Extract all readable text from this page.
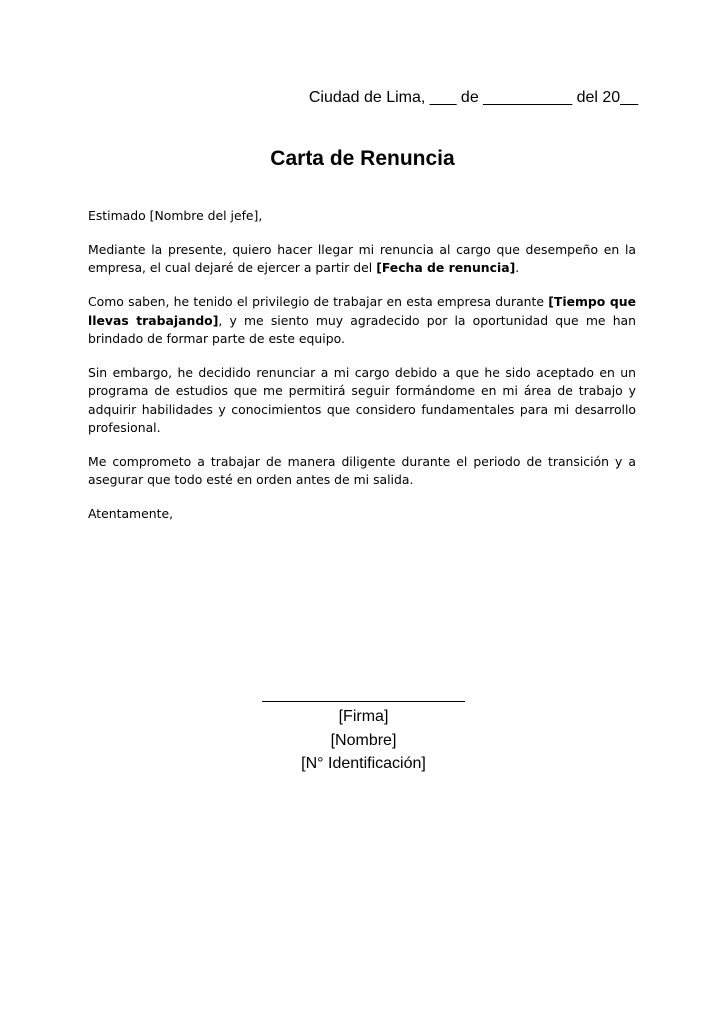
Ciudad de Lima, ___ de __________ del 20__
Carta de Renuncia

Estimado [Nombre del jefe],

Mediante la presente, quiero hacer llegar mi renuncia al cargo que desempeño en la empresa, el cual dejaré de ejercer a partir del [Fecha de renuncia].

Como saben, he tenido el privilegio de trabajar en esta empresa durante [Tiempo que llevas trabajando], y me siento muy agradecido por la oportunidad que me han brindado de formar parte de este equipo.

Sin embargo, he decidido renunciar a mi cargo debido a que he sido aceptado en un programa de estudios que me permitirá seguir formándome en mi área de trabajo y adquirir habilidades y conocimientos que considero fundamentales para mi desarrollo profesional.

Me comprometo a trabajar de manera diligente durante el periodo de transición y a asegurar que todo esté en orden antes de mi salida.

Atentamente,

[Firma]
[Nombre]
[N° Identificación]
